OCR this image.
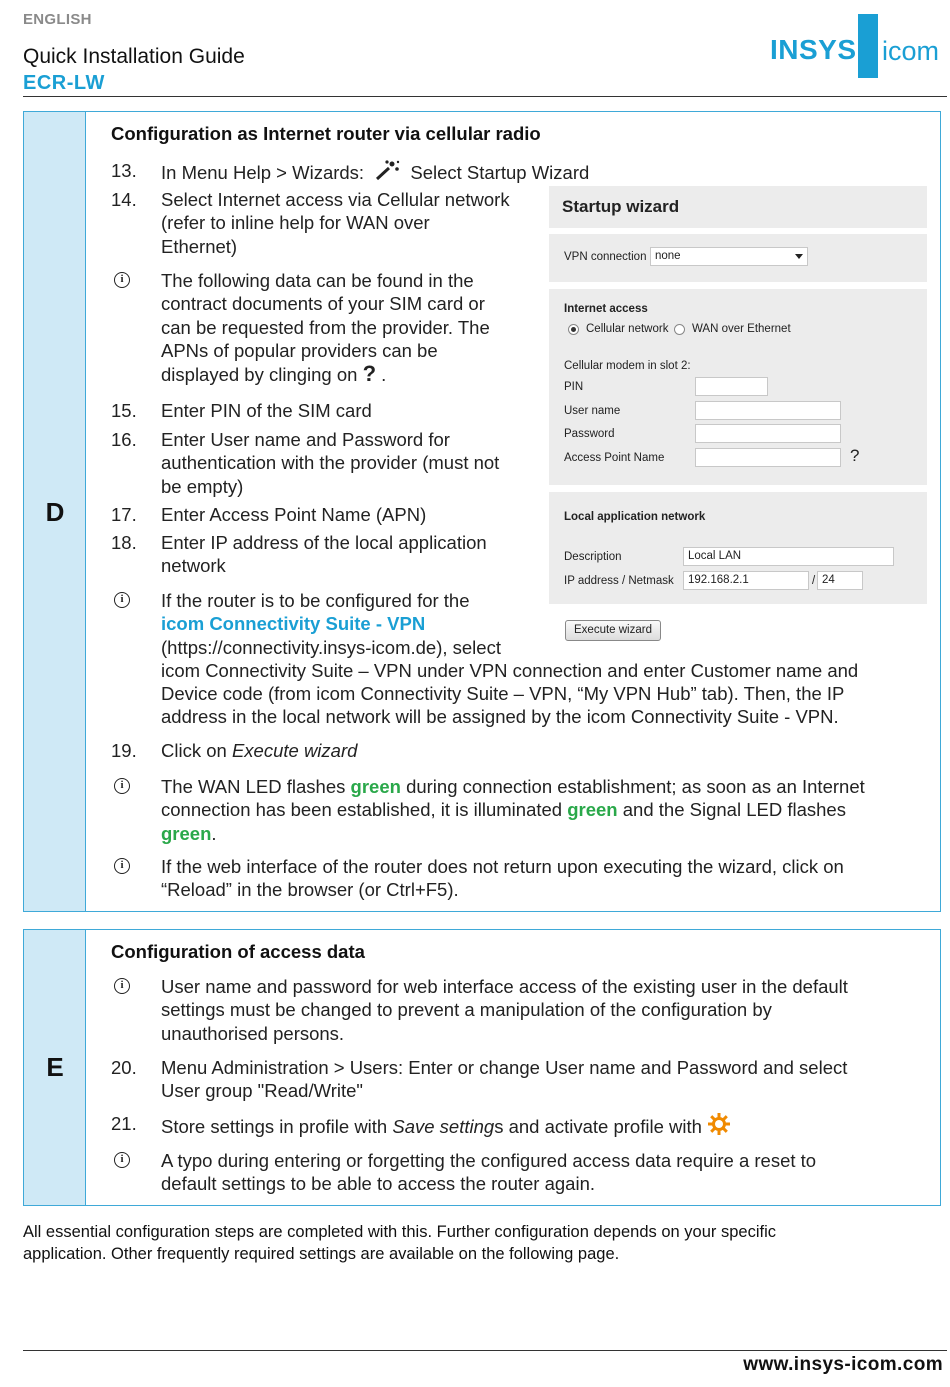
ENGLISH
Quick Installation Guide
ECR-LW
INSYS icom
D
Configuration as Internet router via cellular radio
13.	In Menu Help > Wizards:	Select Startup Wizard
14.	Select Internet access via Cellular network
(refer to inline help for WAN over
Ethernet)
i	The following data can be found in the
contract documents of your SIM card or
can be requested from the provider. The
APNs of popular providers can be
displayed by clinging on ? .
15.	Enter PIN of the SIM card
16.	Enter User name and Password for
authentication with the provider (must not
be empty)
17.	Enter Access Point Name (APN)
18.	Enter IP address of the local application
network
i	If the router is to be configured for the
icom Connectivity Suite - VPN
(https://connectivity.insys-icom.de), select
icom Connectivity Suite – VPN under VPN connection and enter Customer name and
Device code (from icom Connectivity Suite – VPN, “My VPN Hub” tab). Then, the IP
address in the local network will be assigned by the icom Connectivity Suite - VPN.
19.	Click on Execute wizard
i	The WAN LED flashes green during connection establishment; as soon as an Internet
connection has been established, it is illuminated green and the Signal LED flashes
green.
i	If the web interface of the router does not return upon executing the wizard, click on
“Reload” in the browser (or Ctrl+F5).
Startup wizard
VPN connection none
Internet access
Cellular network WAN over Ethernet
Cellular modem in slot 2:
PIN
User name
Password
Access Point Name	?
Local application network
Description	Local LAN
IP address / Netmask	192.168.2.1	/ 24
Execute wizard
E
Configuration of access data
i	User name and password for web interface access of the existing user in the default
settings must be changed to prevent a manipulation of the configuration by
unauthorised persons.
20.	Menu Administration > Users: Enter or change User name and Password and select
User group "Read/Write"
21.	Store settings in profile with Save settings and activate profile with
i	A typo during entering or forgetting the configured access data require a reset to
default settings to be able to access the router again.
All essential configuration steps are completed with this. Further configuration depends on your specific
application. Other frequently required settings are available on the following page.
www.insys-icom.com
